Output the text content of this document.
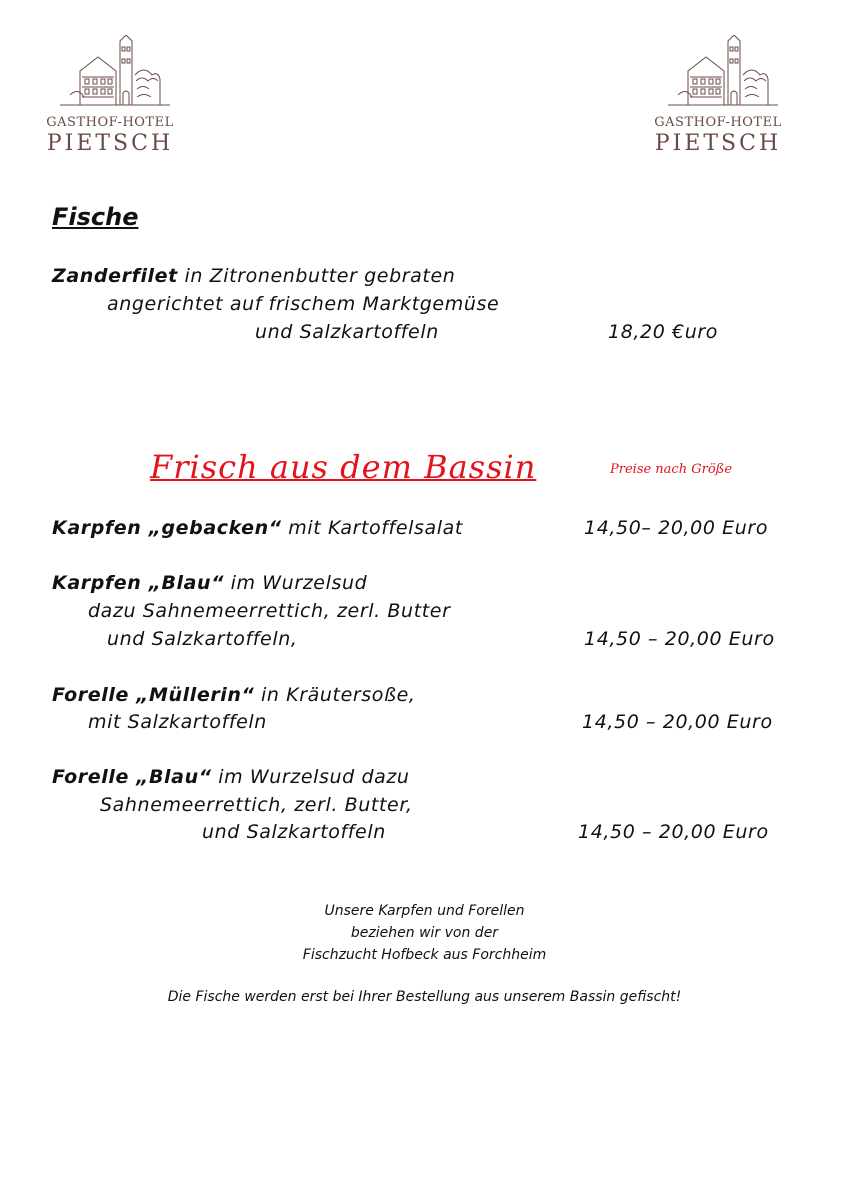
GASTHOF-HOTEL
PIETSCH
GASTHOF-HOTEL
PIETSCH
Fische
Zanderfilet in Zitronenbutter gebraten
angerichtet auf frischem Marktgemüse
und Salzkartoffeln	18,20 €uro
Frisch aus dem Bassin	Preise nach Größe
Karpfen „gebacken“ mit Kartoffelsalat	14,50– 20,00 Euro
Karpfen „Blau“ im Wurzelsud
dazu Sahnemeerrettich, zerl. Butter
und Salzkartoffeln,	14,50 – 20,00 Euro
Forelle „Müllerin“ in Kräutersoße,
mit Salzkartoffeln	14,50 – 20,00 Euro
Forelle „Blau“ im Wurzelsud dazu
Sahnemeerrettich, zerl. Butter,
und Salzkartoffeln	14,50 – 20,00 Euro
Unsere Karpfen und Forellen
beziehen wir von der
Fischzucht Hofbeck aus Forchheim
Die Fische werden erst bei Ihrer Bestellung aus unserem Bassin gefischt!
